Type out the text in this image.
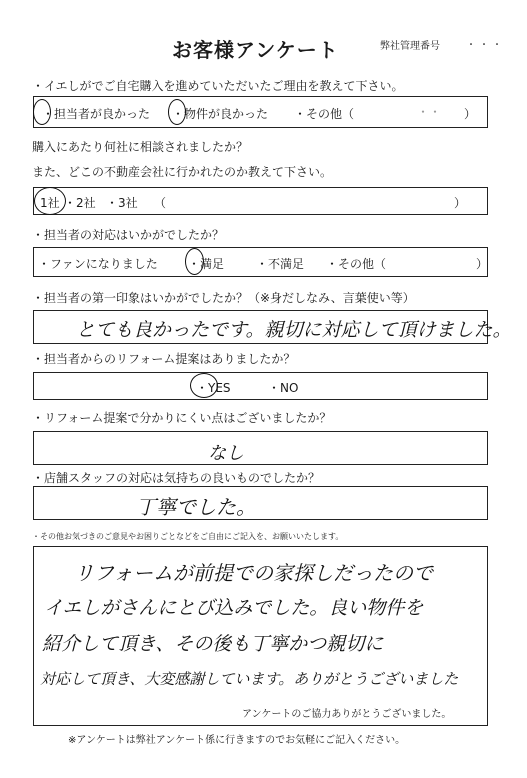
お客様アンケート	弊社管理番号	・・・
・イエしがでご自宅購入を進めていただいたご理由を教えて下さい。
・担当者が良かった ・物件が良かった ・その他（	・・ ）
購入にあたり何社に相談されましたか？
また、どこの不動産会社に行かれたのか教えて下さい。
1社 ・2社 ・3社 （	）
・担当者の対応はいかがでしたか？
・ファンになりました	・満足	・不満足 ・その他（	）
・担当者の第一印象はいかがでしたか？（※身だしなみ、言葉使い等）
とても良かったです。親切に対応して頂けました。
・担当者からのリフォーム提案はありましたか？
・YES	・NO
・リフォーム提案で分かりにくい点はございましたか？
なし
・店舗スタッフの対応は気持ちの良いものでしたか？
丁寧でした。
・その他お気づきのご意見やお困りごとなどをご自由にご記入を、お願いいたします。
リフォームが前提での家探しだったので
イエしがさんにとび込みでした。良い物件を
紹介して頂き、その後も丁寧かつ親切に
対応して頂き、大変感謝しています。ありがとうございました
アンケートのご協力ありがとうございました。
※アンケートは弊社アンケート係に行きますのでお気軽にご記入ください。
